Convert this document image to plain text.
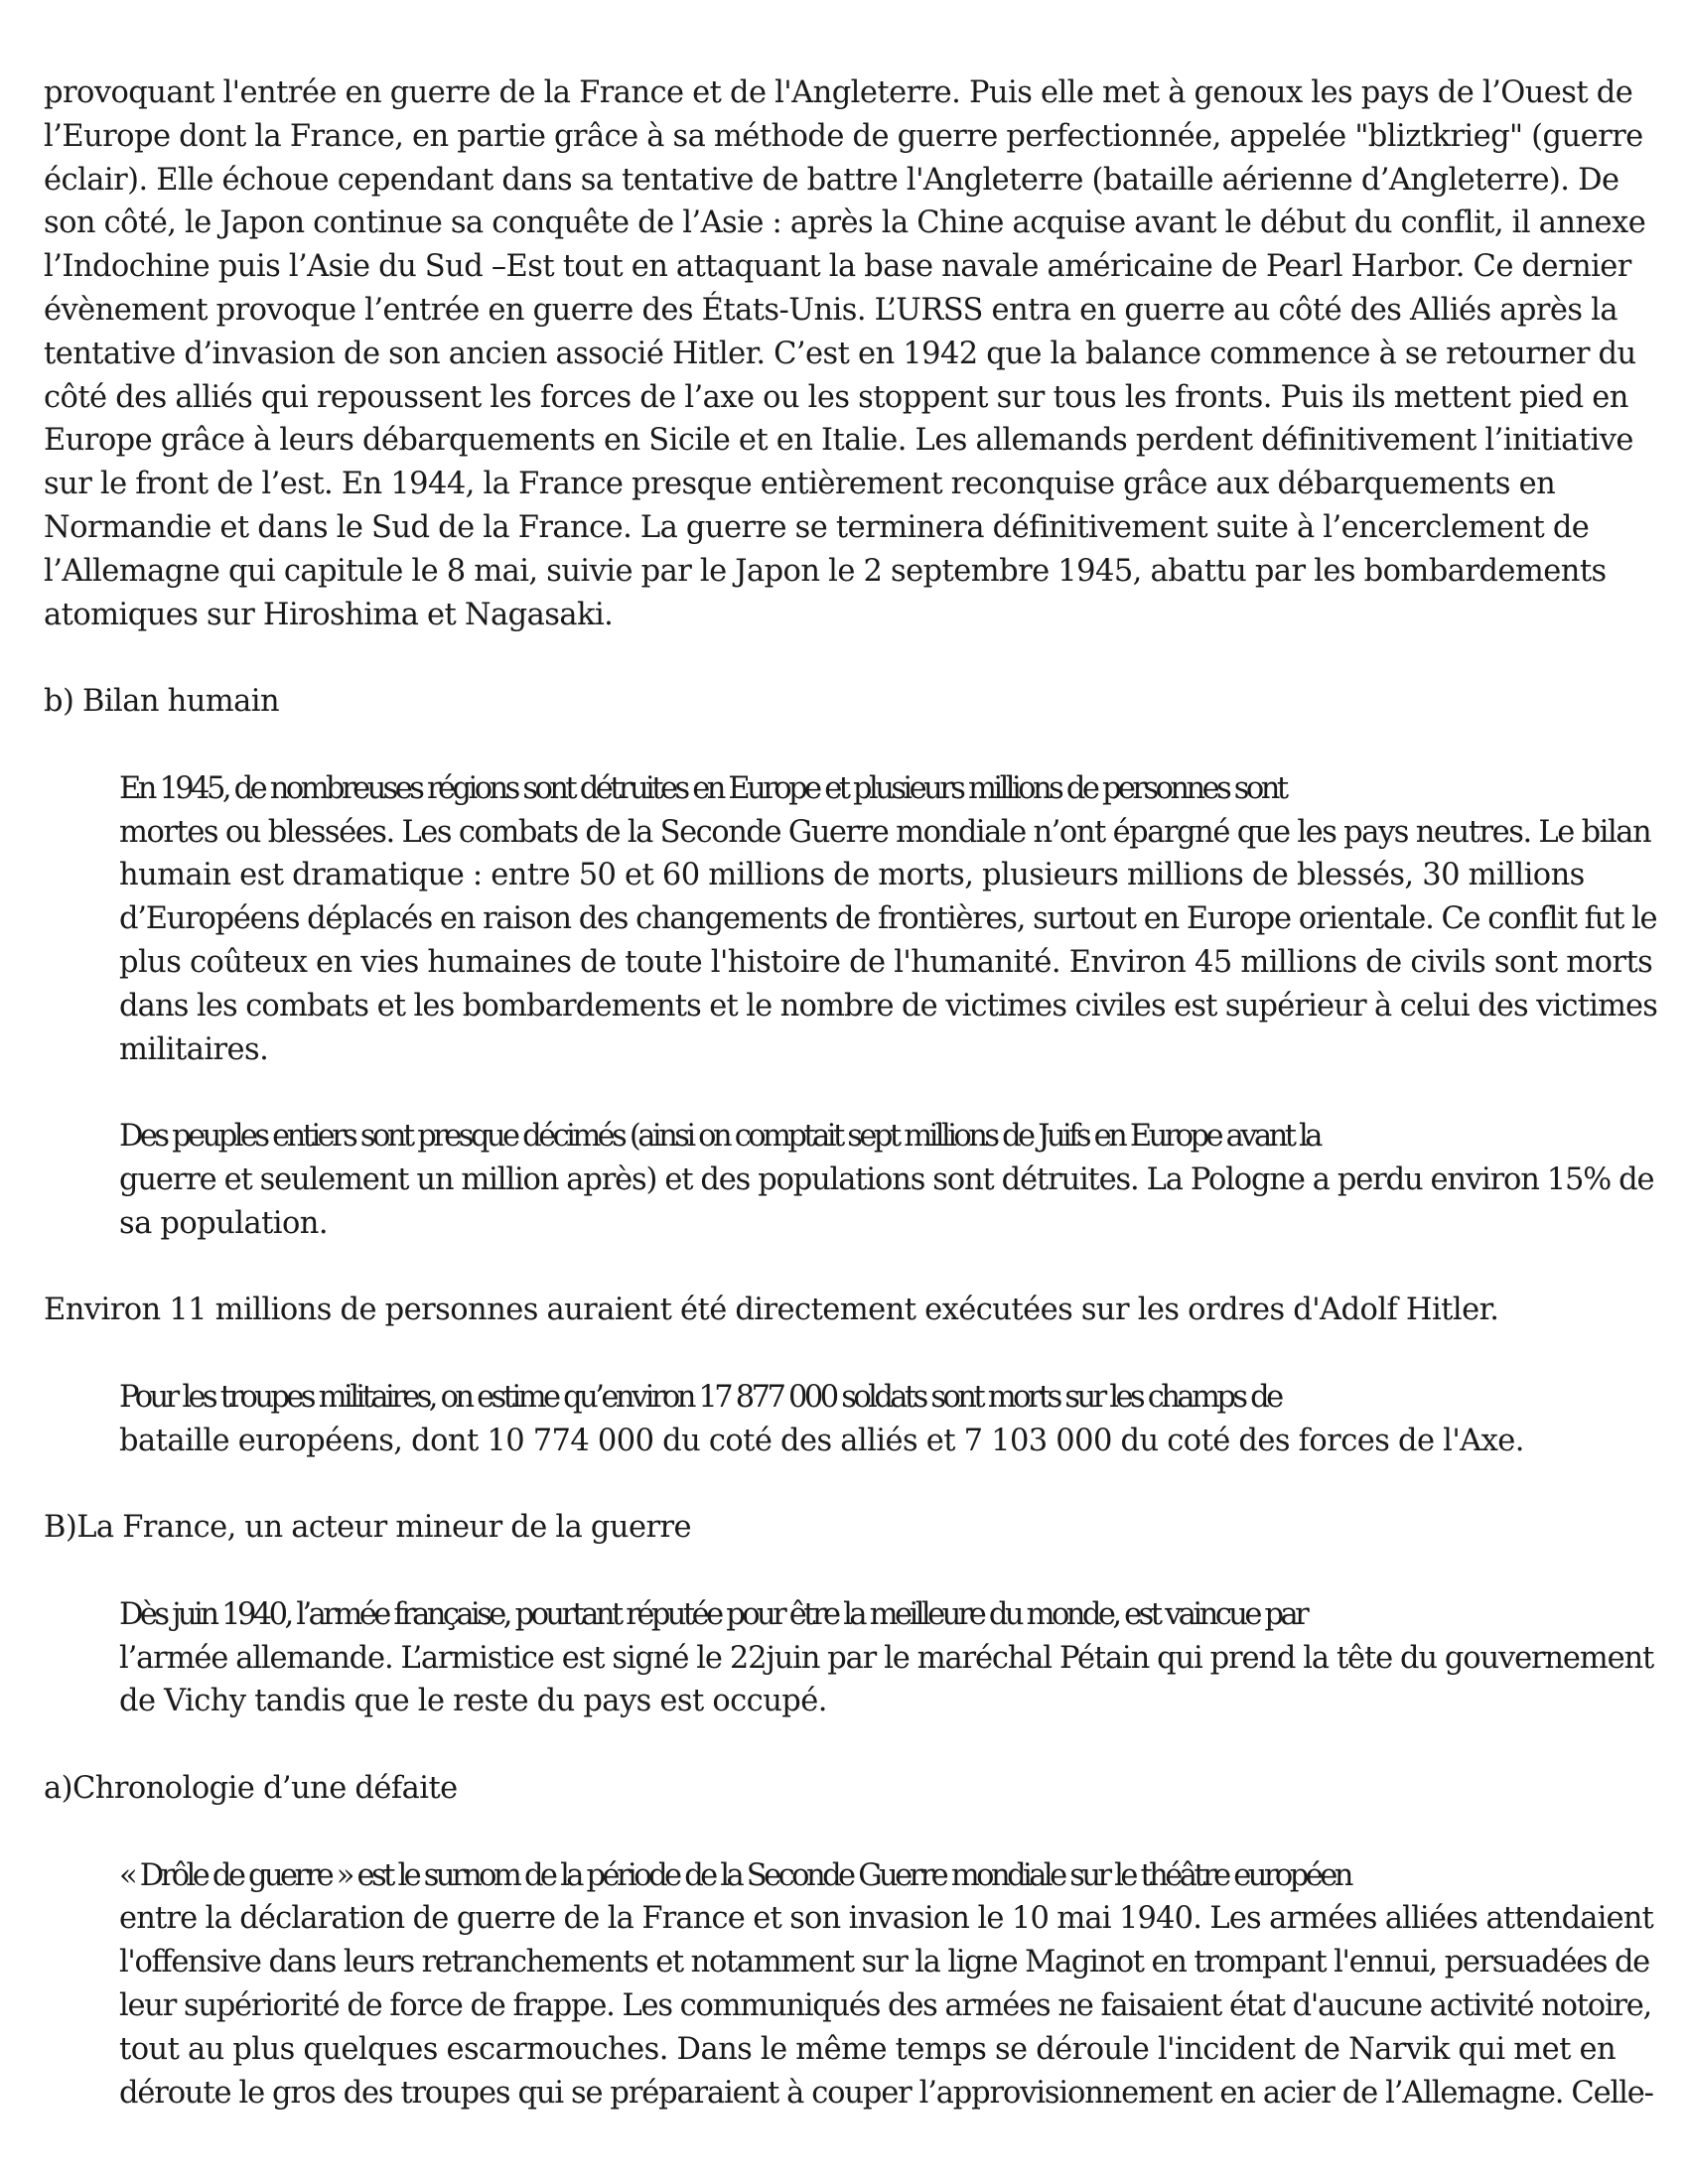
provoquant l'entrée en guerre de la France et de l'Angleterre. Puis elle met à genoux les pays de l’Ouest de
l’Europe dont la France, en partie grâce à sa méthode de guerre perfectionnée, appelée "bliztkrieg" (guerre
éclair). Elle échoue cependant dans sa tentative de battre l'Angleterre (bataille aérienne d’Angleterre). De
son côté, le Japon continue sa conquête de l’Asie : après la Chine acquise avant le début du conflit, il annexe
l’Indochine puis l’Asie du Sud –Est tout en attaquant la base navale américaine de Pearl Harbor. Ce dernier
évènement provoque l’entrée en guerre des États-Unis. L’URSS entra en guerre au côté des Alliés après la
tentative d’invasion de son ancien associé Hitler. C’est en 1942 que la balance commence à se retourner du
côté des alliés qui repoussent les forces de l’axe ou les stoppent sur tous les fronts. Puis ils mettent pied en
Europe grâce à leurs débarquements en Sicile et en Italie. Les allemands perdent définitivement l’initiative
sur le front de l’est. En 1944, la France presque entièrement reconquise grâce aux débarquements en
Normandie et dans le Sud de la France. La guerre se terminera définitivement suite à l’encerclement de
l’Allemagne qui capitule le 8 mai, suivie par le Japon le 2 septembre 1945, abattu par les bombardements
atomiques sur Hiroshima et Nagasaki.

b) Bilan humain

En 1945, de nombreuses régions sont détruites en Europe et plusieurs millions de personnes sont
mortes ou blessées. Les combats de la Seconde Guerre mondiale n’ont épargné que les pays neutres. Le bilan
humain est dramatique : entre 50 et 60 millions de morts, plusieurs millions de blessés, 30 millions
d’Européens déplacés en raison des changements de frontières, surtout en Europe orientale. Ce conflit fut le
plus coûteux en vies humaines de toute l'histoire de l'humanité. Environ 45 millions de civils sont morts
dans les combats et les bombardements et le nombre de victimes civiles est supérieur à celui des victimes
militaires.

Des peuples entiers sont presque décimés (ainsi on comptait sept millions de Juifs en Europe avant la
guerre et seulement un million après) et des populations sont détruites. La Pologne a perdu environ 15% de
sa population.

Environ 11 millions de personnes auraient été directement exécutées sur les ordres d'Adolf Hitler.

Pour les troupes militaires, on estime qu’environ 17 877 000 soldats sont morts sur les champs de
bataille européens, dont 10 774 000 du coté des alliés et 7 103 000 du coté des forces de l'Axe.

B)La France, un acteur mineur de la guerre

Dès juin 1940, l’armée française, pourtant réputée pour être la meilleure du monde, est vaincue par
l’armée allemande. L’armistice est signé le 22juin par le maréchal Pétain qui prend la tête du gouvernement
de Vichy tandis que le reste du pays est occupé.

a)Chronologie d’une défaite

« Drôle de guerre » est le surnom de la période de la Seconde Guerre mondiale sur le théâtre européen
entre la déclaration de guerre de la France et son invasion le 10 mai 1940. Les armées alliées attendaient
l'offensive dans leurs retranchements et notamment sur la ligne Maginot en trompant l'ennui, persuadées de
leur supériorité de force de frappe. Les communiqués des armées ne faisaient état d'aucune activité notoire,
tout au plus quelques escarmouches. Dans le même temps se déroule l'incident de Narvik qui met en
déroute le gros des troupes qui se préparaient à couper l’approvisionnement en acier de l’Allemagne. Celle-
